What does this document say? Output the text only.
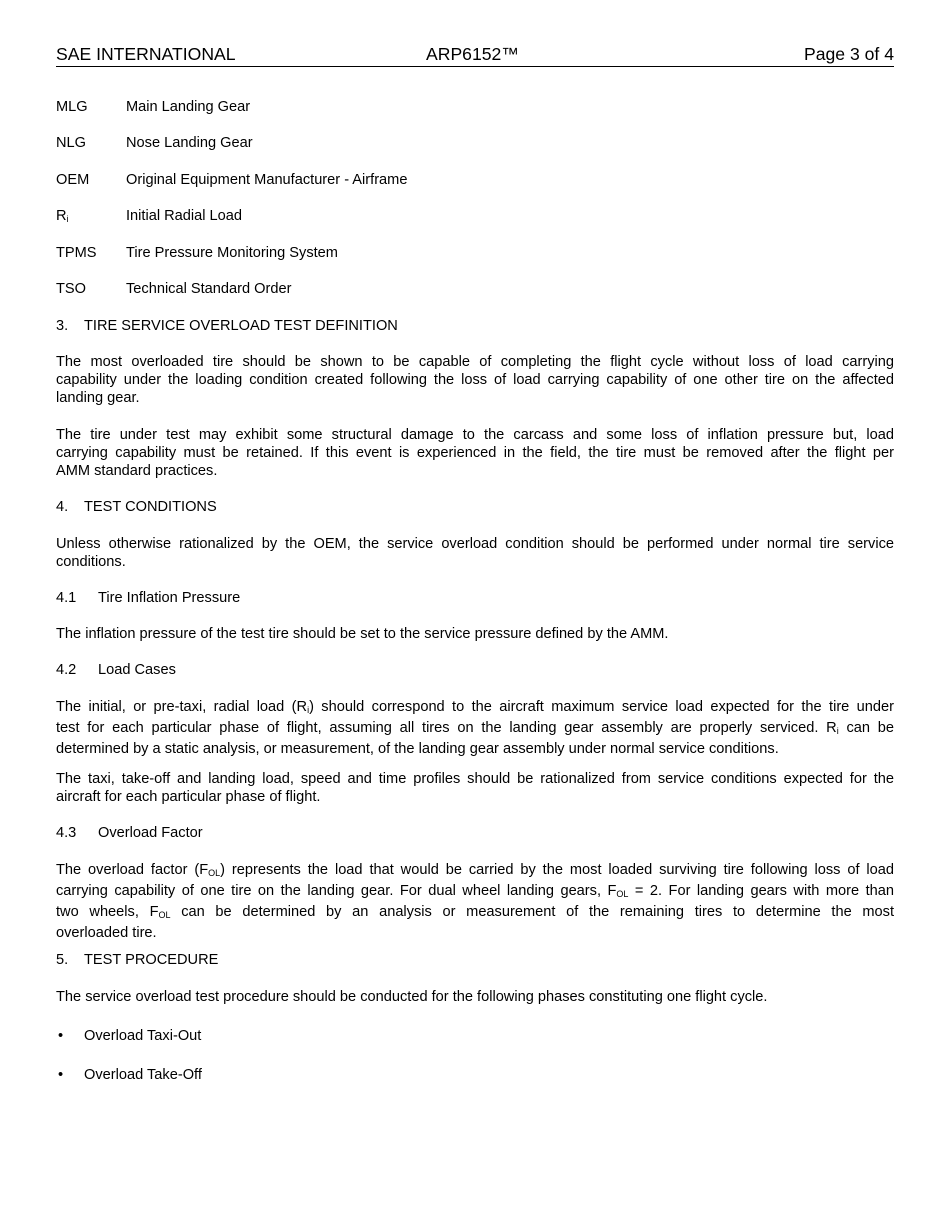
SAE INTERNATIONAL	ARP6152™	Page 3 of 4
MLG	Main Landing Gear
NLG	Nose Landing Gear
OEM	Original Equipment Manufacturer - Airframe
Ri	Initial Radial Load
TPMS Tire Pressure Monitoring System
TSO	Technical Standard Order
3. TIRE SERVICE OVERLOAD TEST DEFINITION
The most overloaded tire should be shown to be capable of completing the flight cycle without loss of load carrying
capability under the loading condition created following the loss of load carrying capability of one other tire on the affected
landing gear.
The tire under test may exhibit some structural damage to the carcass and some loss of inflation pressure but, load
carrying capability must be retained. If this event is experienced in the field, the tire must be removed after the flight per
AMM standard practices.
4. TEST CONDITIONS
Unless otherwise rationalized by the OEM, the service overload condition should be performed under normal tire service
conditions.
4.1 Tire Inflation Pressure
The inflation pressure of the test tire should be set to the service pressure defined by the AMM.
4.2 Load Cases
The initial, or pre-taxi, radial load (Ri) should correspond to the aircraft maximum service load expected for the tire under
test for each particular phase of flight, assuming all tires on the landing gear assembly are properly serviced. Ri can be
determined by a static analysis, or measurement, of the landing gear assembly under normal service conditions.
The taxi, take-off and landing load, speed and time profiles should be rationalized from service conditions expected for the
aircraft for each particular phase of flight.
4.3 Overload Factor
The overload factor (FOL) represents the load that would be carried by the most loaded surviving tire following loss of load
carrying capability of one tire on the landing gear. For dual wheel landing gears, FOL = 2. For landing gears with more than
two wheels, FOL can be determined by an analysis or measurement of the remaining tires to determine the most
overloaded tire.
5. TEST PROCEDURE
The service overload test procedure should be conducted for the following phases constituting one flight cycle.
• Overload Taxi-Out
• Overload Take-Off
